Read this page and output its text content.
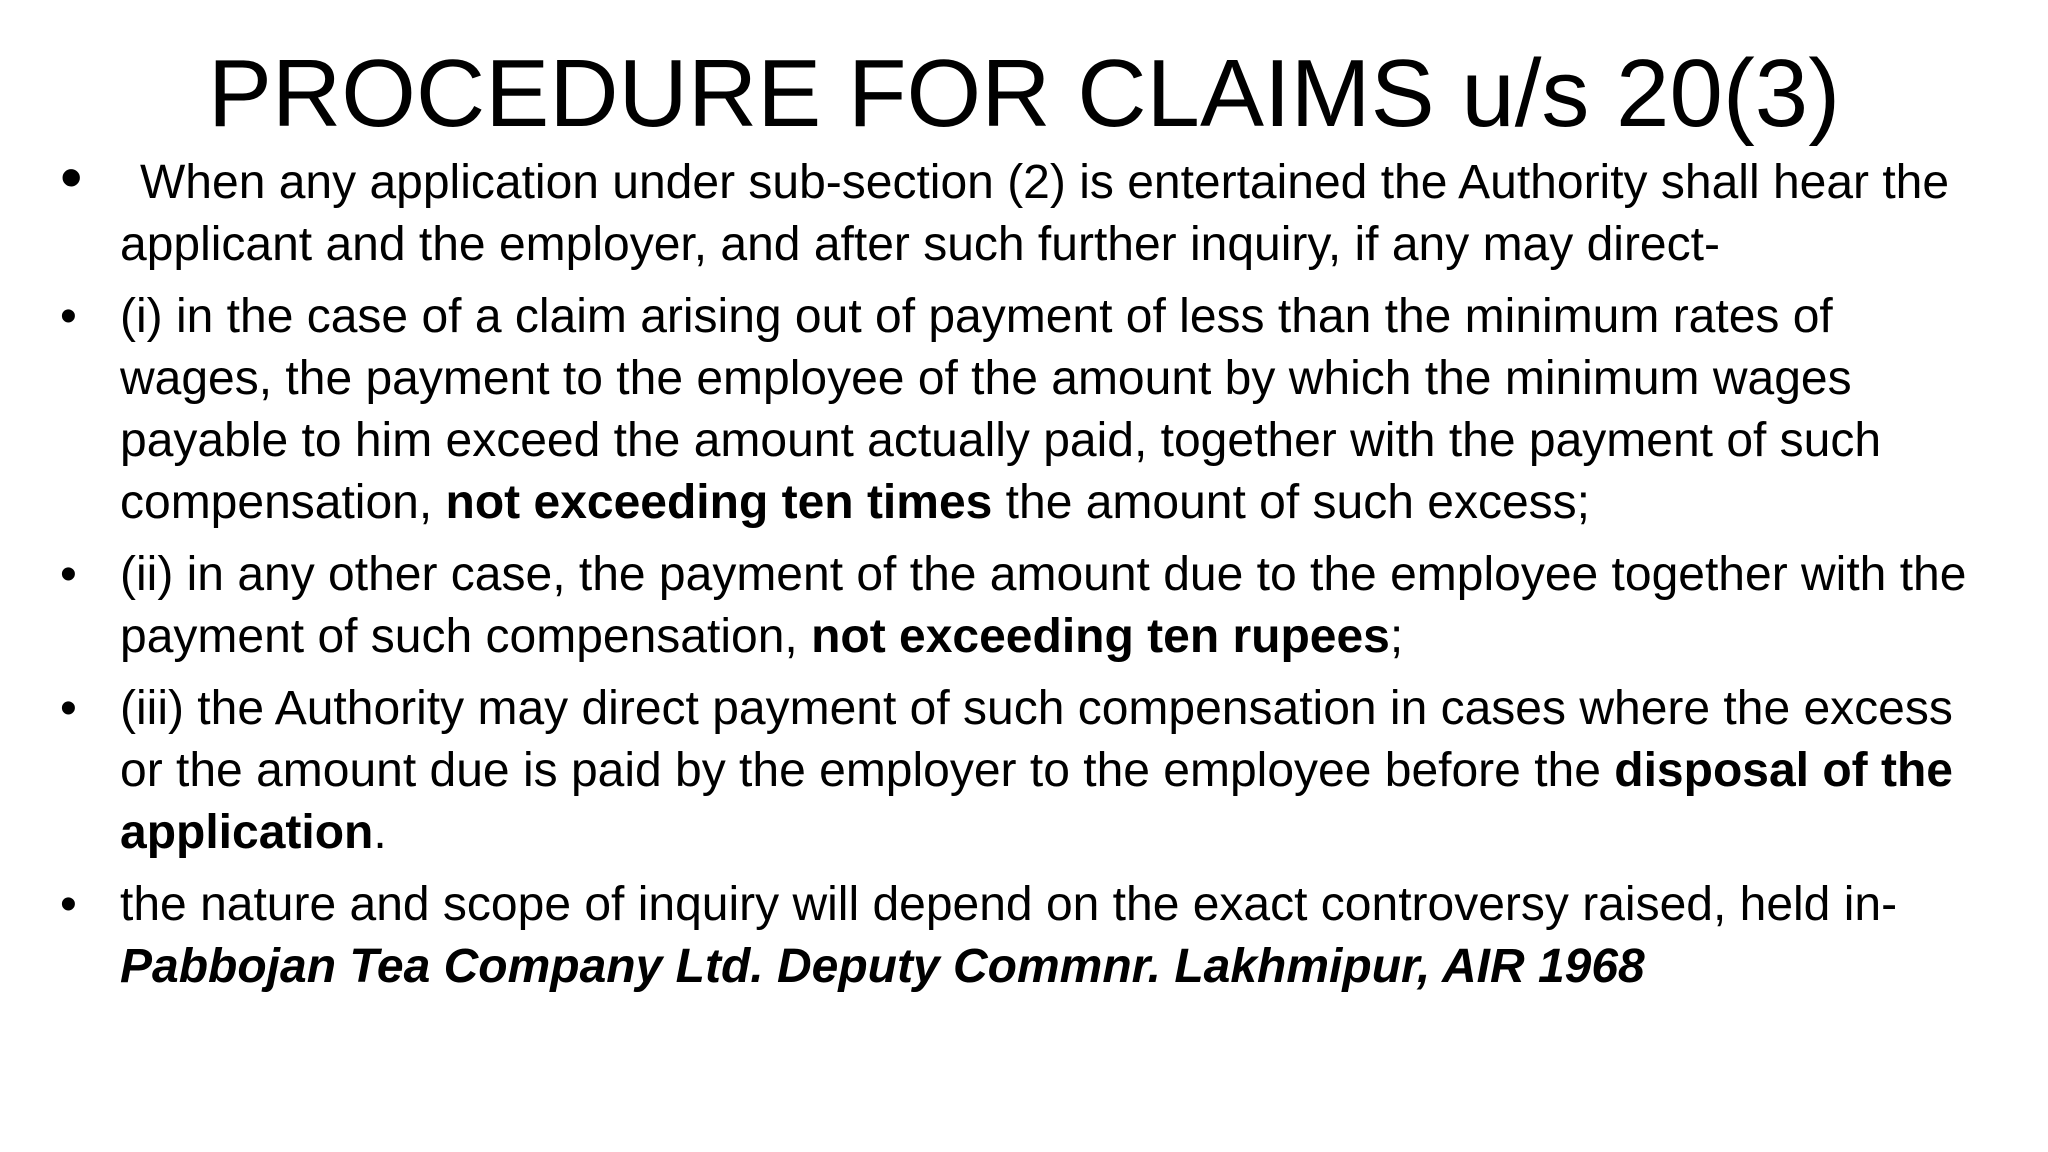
PROCEDURE FOR CLAIMS u/s 20(3)
• When any application under sub-section (2) is entertained the Authority shall hear the applicant and the employer, and after such further inquiry, if any may direct-
• (i) in the case of a claim arising out of payment of less than the minimum rates of wages, the payment to the employee of the amount by which the minimum wages payable to him exceed the amount actually paid, together with the payment of such compensation, not exceeding ten times the amount of such excess;
• (ii) in any other case, the payment of the amount due to the employee together with the payment of such compensation, not exceeding ten rupees;
• (iii) the Authority may direct payment of such compensation in cases where the excess or the amount due is paid by the employer to the employee before the disposal of the application.
• the nature and scope of inquiry will depend on the exact controversy raised, held in- Pabbojan Tea Company Ltd. Deputy Commnr. Lakhmipur, AIR 1968
